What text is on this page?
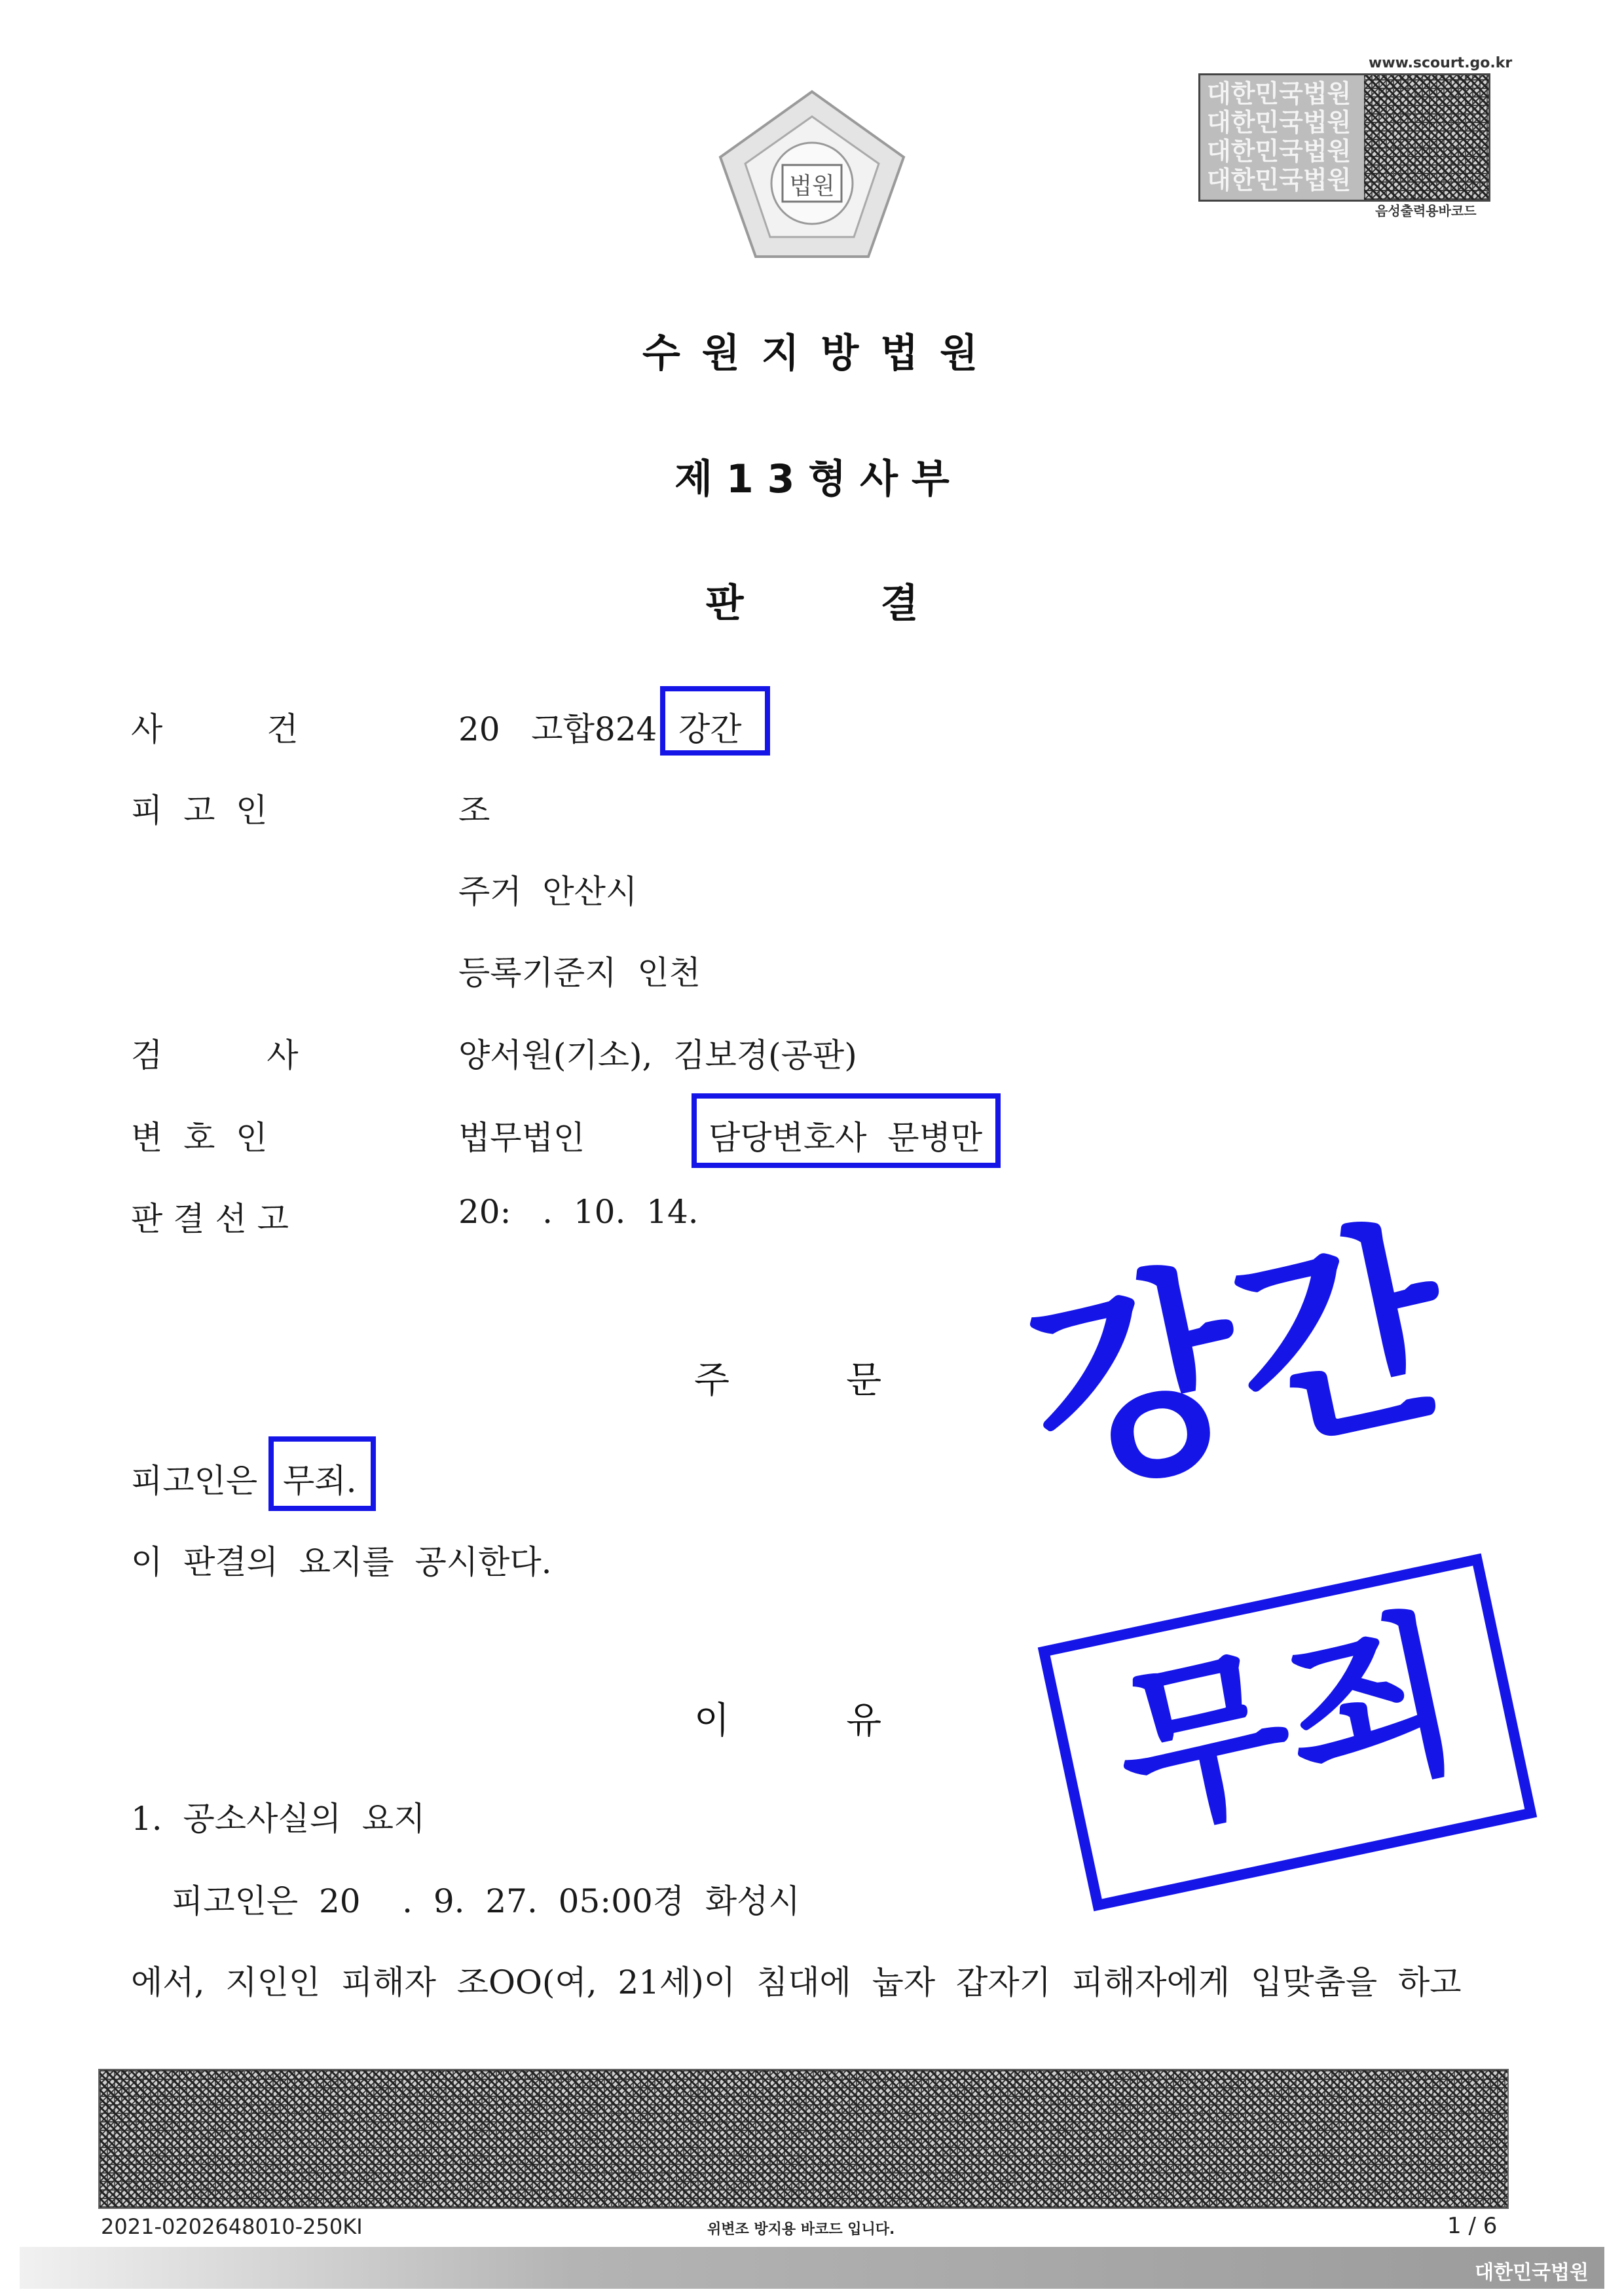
법원
www.scourt.go.kr
대한민국법원
대한민국법원
대한민국법원
대한민국법원
음성출력용바코드
수 원 지 방 법 원
제 1 3 형 사 부
판          결
사          건	20   고합824 강간
피  고  인	조
주거  안산시
등록기준지  인천
검          사	양서원(기소),  김보경(공판)
변  호  인	법무법인	담당변호사  문병만
판 결 선 고	20:   .  10.  14.
주          문
피고인은 무죄.
이  판결의  요지를  공시한다.
이          유
1.  공소사실의  요지
피고인은  20    .  9.  27.  05:00경  화성시
에서,  지인인  피해자  조OO(여,  21세)이  침대에  눕자  갑자기  피해자에게  입맞춤을  하고
강간
무죄
2021-0202648010-250KI	위변조 방지용 바코드 입니다.	1 / 6
대한민국법원
